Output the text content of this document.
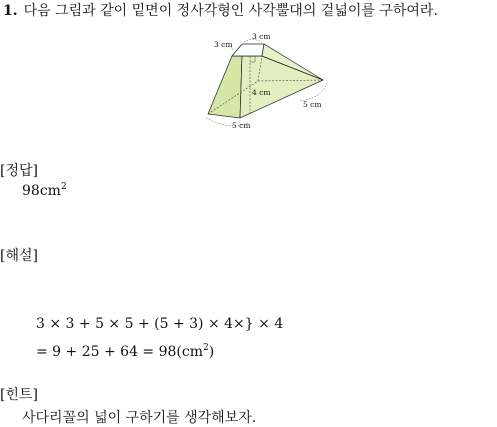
1. 다음 그림과 같이 밑면이 정사각형인 사각뿔대의 겉넓이를 구하여라.
3 cm
3 cm
4 cm
5 cm
5 cm
[정답]
$98cm^2$
[해설]
3 × 3 + 5 × 5 + (5 + 3) × 4×} × 4
= $9 + 25 + 64 = 98(cm^2)$
[힌트]
사다리꼴의 넓이 구하기를 생각해보자.
